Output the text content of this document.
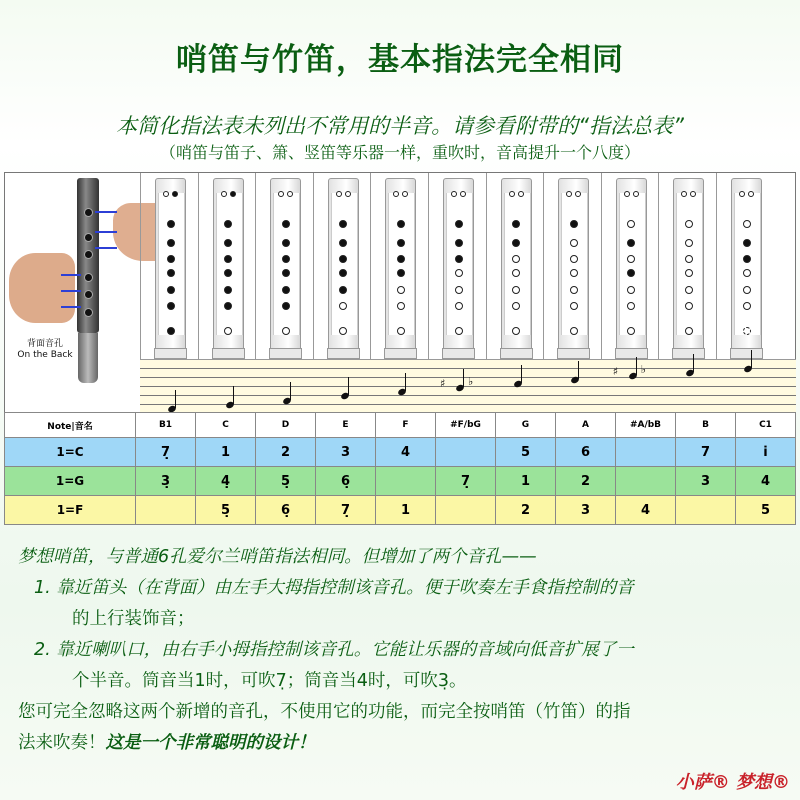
哨笛与竹笛，基本指法完全相同
本简化指法表未列出不常用的半音。请参看附带的“指法总表”
（哨笛与笛子、箫、竖笛等乐器一样，重吹时，音高提升一个八度）
背面音孔
On the Back
♯ ♭
♯ ♭
Note|音名	B1	C	D	E	F	#F/bG	G	A	#A/bB	B	C1
1=C	7̣	1	2	3	4		5	6		7	i̇
1=G	3̣	4̣	5̣	6̣		7̣	1	2		3	4
1=F		5̣	6̣	7̣	1		2	3	4		5
梦想哨笛，与普通6孔爱尔兰哨笛指法相同。但增加了两个音孔——
1. 靠近笛头（在背面）由左手大拇指控制该音孔。便于吹奏左手食指控制的音
的上行装饰音；
2. 靠近喇叭口，由右手小拇指控制该音孔。它能让乐器的音域向低音扩展了一
个半音。筒音当1时，可吹7̣；筒音当4时，可吹3̣。
您可完全忽略这两个新增的音孔，不使用它的功能，而完全按哨笛（竹笛）的指
法来吹奏！这是一个非常聪明的设计！
小萨® 梦想®
